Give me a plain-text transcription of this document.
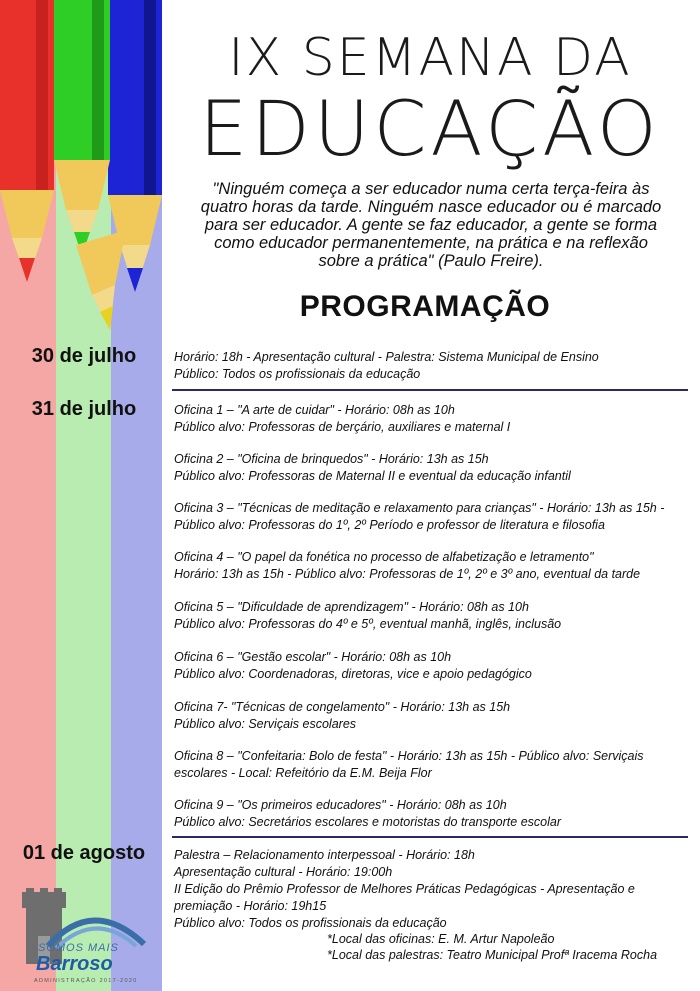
IX SEMANA DA
EDUCAÇÃO
"Ninguém começa a ser educador numa certa terça-feira às
quatro horas da tarde. Ninguém nasce educador ou é marcado
para ser educador. A gente se faz educador, a gente se forma
como educador permanentemente, na prática e na reflexão
sobre a prática" (Paulo Freire).
PROGRAMAÇÃO
30 de julho	Horário: 18h - Apresentação cultural - Palestra: Sistema Municipal de Ensino
Público: Todos os profissionais da educação
31 de julho	Oficina 1 – "A arte de cuidar" - Horário: 08h as 10h
Público alvo: Professoras de berçário, auxiliares e maternal I
Oficina 2 – "Oficina de brinquedos" - Horário: 13h as 15h
Público alvo: Professoras de Maternal II e eventual da educação infantil
Oficina 3 – "Técnicas de meditação e relaxamento para crianças" - Horário: 13h as 15h -
Público alvo: Professoras do 1º, 2º Período e professor de literatura e filosofia
Oficina 4 – "O papel da fonética no processo de alfabetização e letramento"
Horário: 13h as 15h - Público alvo: Professoras de 1º, 2º e 3º ano, eventual da tarde
Oficina 5 – "Dificuldade de aprendizagem" - Horário: 08h as 10h
Público alvo: Professoras do 4º e 5º, eventual manhã, inglês, inclusão
Oficina 6 – "Gestão escolar" - Horário: 08h as 10h
Público alvo: Coordenadoras, diretoras, vice e apoio pedagógico
Oficina 7- "Técnicas de congelamento" - Horário: 13h as 15h
Público alvo: Serviçais escolares
Oficina 8 – "Confeitaria: Bolo de festa" - Horário: 13h as 15h - Público alvo: Serviçais
escolares - Local: Refeitório da E.M. Beija Flor
Oficina 9 – "Os primeiros educadores" - Horário: 08h as 10h
Público alvo: Secretários escolares e motoristas do transporte escolar
01 de agosto	Palestra – Relacionamento interpessoal - Horário: 18h
Apresentação cultural - Horário: 19:00h
II Edição do Prêmio Professor de Melhores Práticas Pedagógicas - Apresentação e
premiação - Horário: 19h15
Público alvo: Todos os profissionais da educação
*Local das oficinas: E. M. Artur Napoleão
*Local das palestras: Teatro Municipal Profª Iracema Rocha
SOMOS MAIS
Barroso
ADMINISTRAÇÃO 2017-2020
